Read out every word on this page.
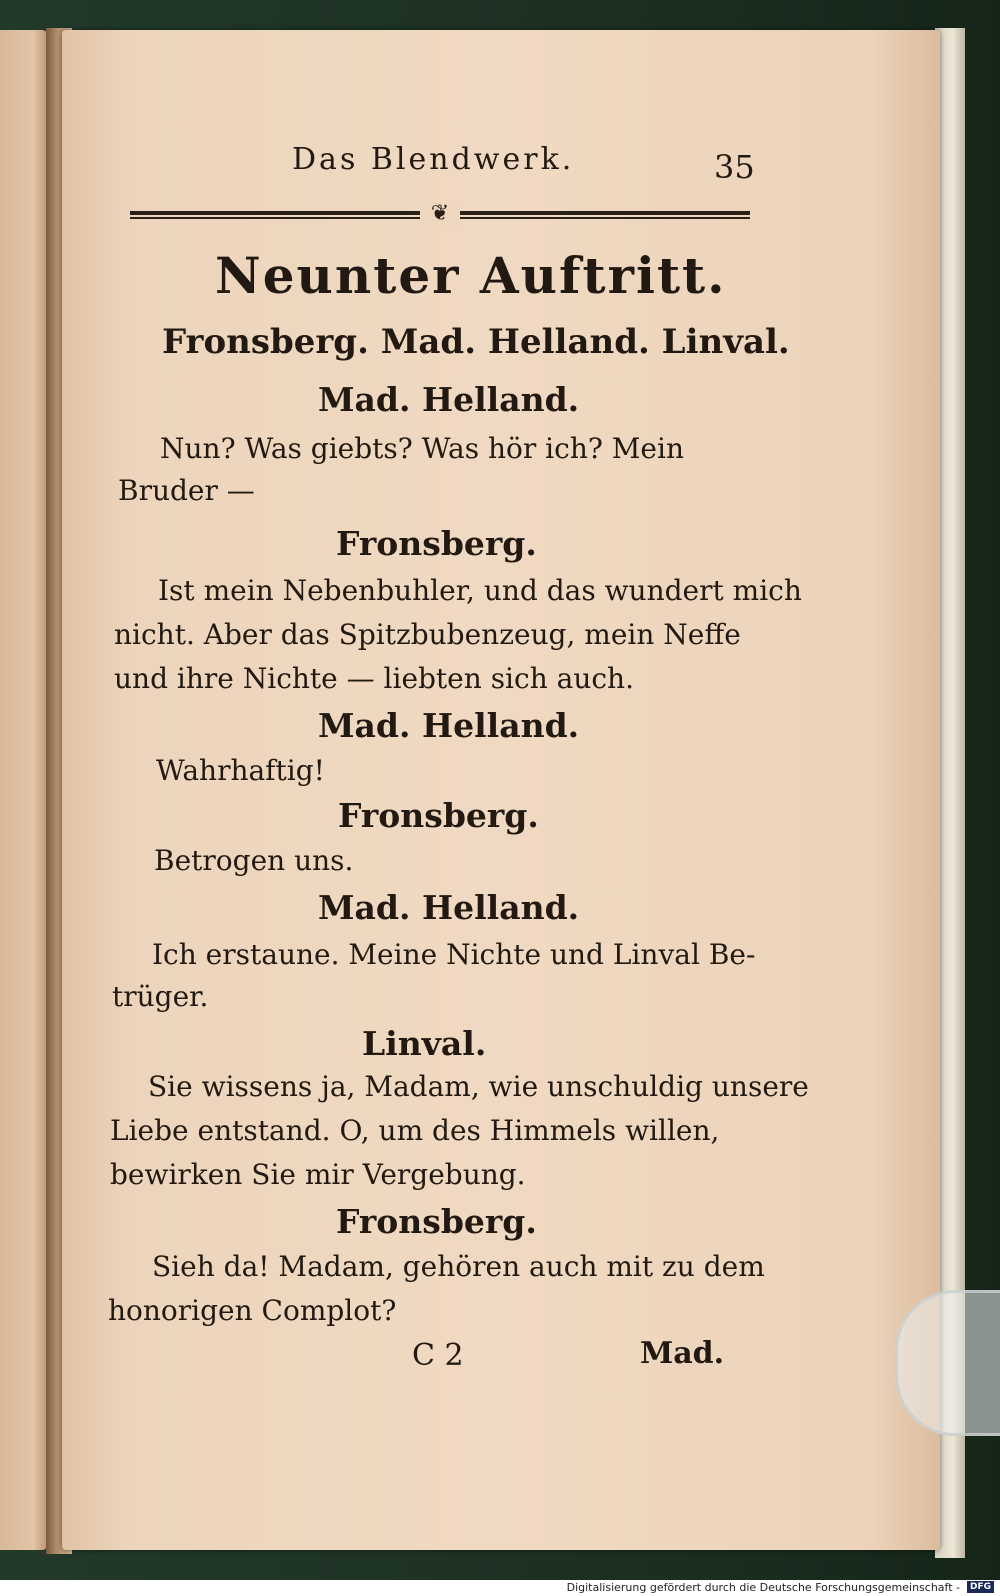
Das Blendwerk.	35
❦
Neunter Auftritt.
Fronsberg. Mad. Helland. Linval.
Mad. Helland.
Nun? Was giebts? Was hör ich? Mein
Bruder —
Fronsberg.
Ist mein Nebenbuhler, und das wundert mich
nicht. Aber das Spitzbubenzeug, mein Neffe
und ihre Nichte — liebten sich auch.
Mad. Helland.
Wahrhaftig!
Fronsberg.
Betrogen uns.
Mad. Helland.
Ich erstaune. Meine Nichte und Linval Be-
trüger.
Linval.
Sie wissens ja, Madam, wie unschuldig unsere
Liebe entstand. O, um des Himmels willen,
bewirken Sie mir Vergebung.
Fronsberg.
Sieh da! Madam, gehören auch mit zu dem
honorigen Complot?
C 2	Mad.
Digitalisierung gefördert durch die Deutsche Forschungsgemeinschaft -	DFG
